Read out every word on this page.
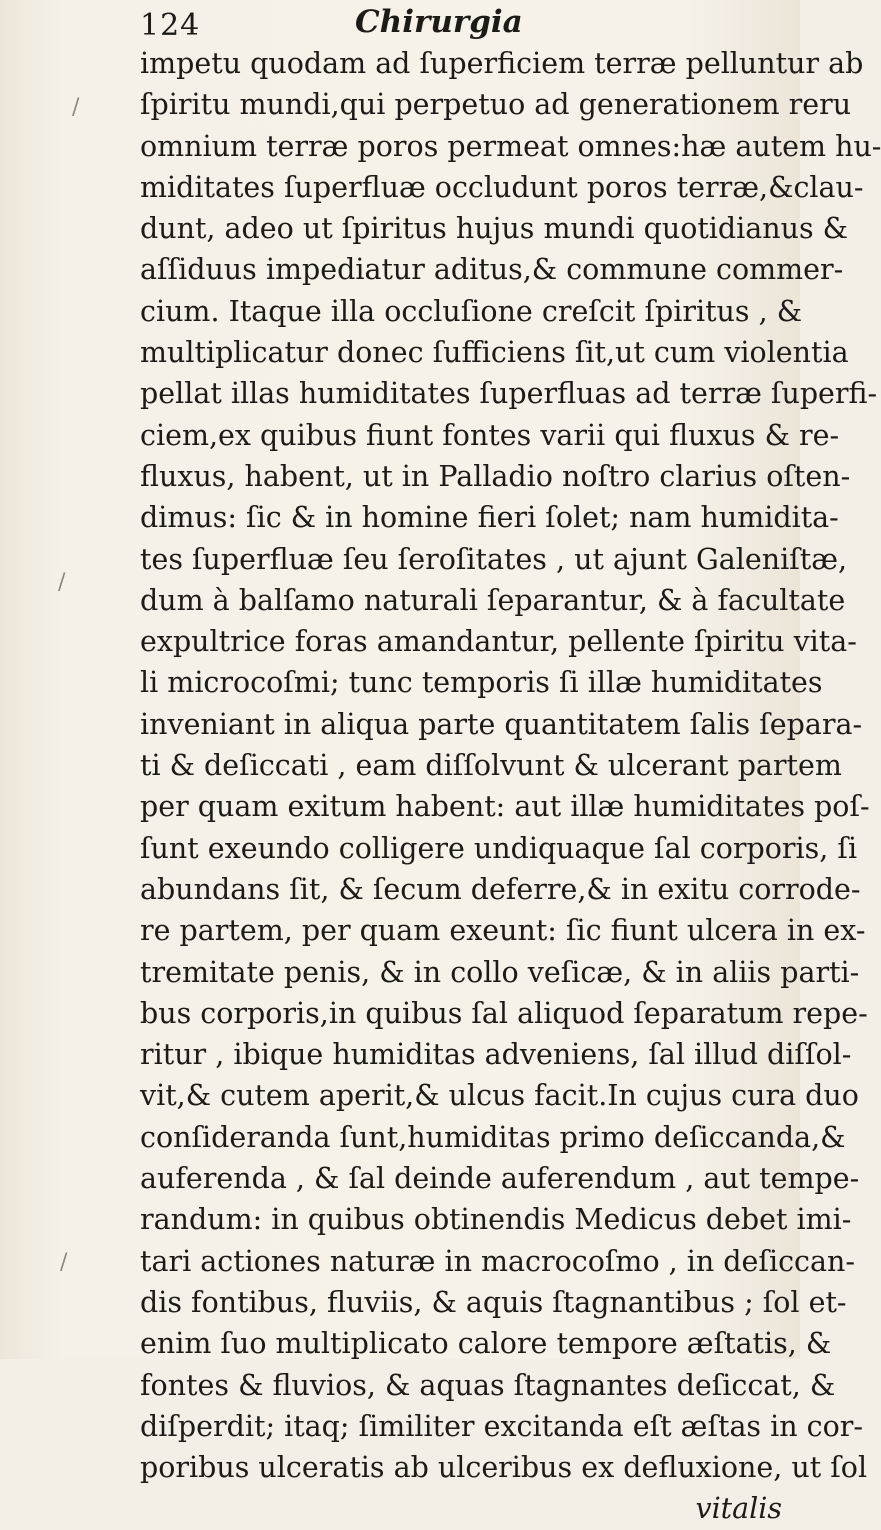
124	Chirurgia
impetu quodam ad ſuperficiem terræ pelluntur ab
ſpiritu mundi,qui perpetuo ad generationem reru
omnium terræ poros permeat omnes:hæ autem hu-
miditates ſuperfluæ occludunt poros terræ,&clau-
dunt, adeo ut ſpiritus hujus mundi quotidianus &
aſſiduus impediatur aditus,& commune commer-
cium. Itaque illa occluſione creſcit ſpiritus , &
multiplicatur donec ſufficiens ſit,ut cum violentia
pellat illas humiditates ſuperfluas ad terræ ſuperfi-
ciem,ex quibus fiunt fontes varii qui fluxus & re-
fluxus, habent, ut in Palladio noſtro clarius oſten-
dimus: ſic & in homine fieri ſolet; nam humidita-
tes ſuperfluæ ſeu ſeroſitates , ut ajunt Galeniſtæ,
dum à balſamo naturali ſeparantur, & à facultate
expultrice foras amandantur, pellente ſpiritu vita-
li microcoſmi; tunc temporis ſi illæ humiditates
inveniant in aliqua parte quantitatem ſalis ſepara-
ti & deſiccati , eam diſſolvunt & ulcerant partem
per quam exitum habent: aut illæ humiditates poſ-
ſunt exeundo colligere undiquaque ſal corporis, ſi
abundans ſit, & ſecum deferre,& in exitu corrode-
re partem, per quam exeunt: ſic fiunt ulcera in ex-
tremitate penis, & in collo veſicæ, & in aliis parti-
bus corporis,in quibus ſal aliquod ſeparatum repe-
ritur , ibique humiditas adveniens, ſal illud diſſol-
vit,& cutem aperit,& ulcus facit.In cujus cura duo
conſideranda ſunt,humiditas primo deſiccanda,&
auferenda , & ſal deinde auferendum , aut tempe-
randum: in quibus obtinendis Medicus debet imi-
tari actiones naturæ in macrocoſmo , in deſiccan-
dis fontibus, fluviis, & aquis ſtagnantibus ; ſol et-
enim ſuo multiplicato calore tempore æſtatis, &
fontes & fluvios, & aquas ſtagnantes deſiccat, &
diſperdit; itaq; ſimiliter excitanda eſt æſtas in cor-
poribus ulceratis ab ulceribus ex defluxione, ut ſol
vitalis
/
/
/
